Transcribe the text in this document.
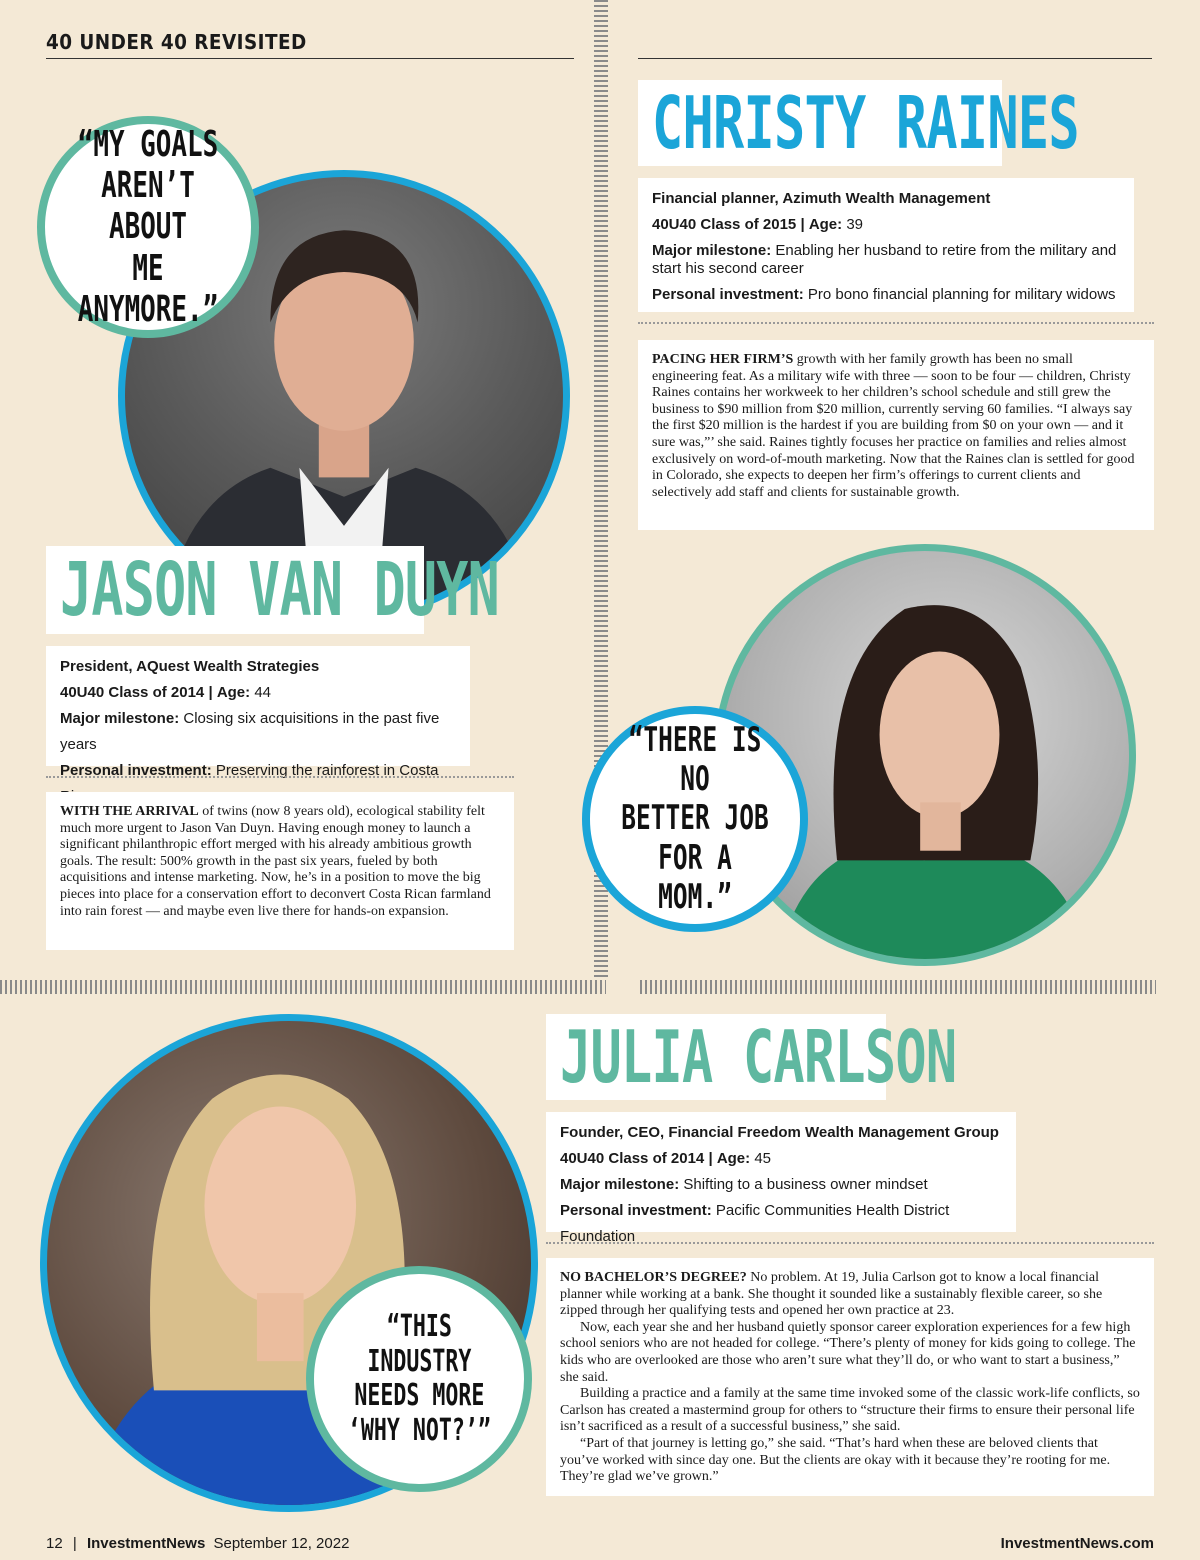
40 UNDER 40 REVISITED
“MY GOALS
AREN’T ABOUT
ME ANYMORE.”
JASON VAN DUYN
President, AQuest Wealth Strategies
40U40 Class of 2014 | Age: 44
Major milestone: Closing six acquisitions in the past five years
Personal investment: Preserving the rainforest in Costa

WITH THE ARRIVAL of twins (now 8 years old), ecological stability felt much more urgent to Jason Van Duyn. Having enough money to launch a significant philanthropic effort merged with his already ambitious growth goals. The result: 500% growth in the past six years, fueled by both acquisitions and intense marketing. Now, he’s in a position to move the big pieces into place for a conservation effort to deconvert Costa Rican farmland into rain forest — and maybe even live there for hands-on expansion.

CHRISTY RAINES
Financial planner, Azimuth Wealth Management
40U40 Class of 2015 | Age: 39
Major milestone: Enabling her husband to retire from the military and start his second career
Personal investment: Pro bono financial planning for military widows

PACING HER FIRM’S growth with her family growth has been no small engineering feat. As a military wife with three — soon to be four — children, Christy Raines contains her workweek to her children’s school schedule and still grew the business to $90 million from $20 million, currently serving 60 families. “I always say the first $20 million is the hardest if you are building from $0 on your own — and it sure was,”’ she said. Raines tightly focuses her practice on families and relies almost exclusively on word-of-mouth marketing. Now that the Raines clan is settled for good in Colorado, she expects to deepen her firm’s offerings to current clients and selectively add staff and clients for sustainable growth.

“THERE IS NO
BETTER JOB
FOR A MOM.”
“THIS
INDUSTRY
NEEDS MORE
‘WHY NOT?’”
JULIA CARLSON
Founder, CEO, Financial Freedom Wealth Management Group
40U40 Class of 2014 | Age: 45
Major milestone: Shifting to a business owner mindset
Personal investment: Pacific Communities Health District Foundation

NO BACHELOR’S DEGREE? No problem. At 19, Julia Carlson got to know a local financial planner while working at a bank. She thought it sounded like a sustainably flexible career, so she zipped through her qualifying tests and opened her own practice at 23.

Now, each year she and her husband quietly sponsor career exploration experiences for a few high school seniors who are not headed for college. “There’s plenty of money for kids going to college. The kids who are overlooked are those who aren’t sure what they’ll do, or who want to start a business,” she said.

Building a practice and a family at the same time invoked some of the classic work-life conflicts, so Carlson has created a mastermind group for others to “structure their firms to ensure their personal life isn’t sacrificed as a result of a successful business,” she said.

“Part of that journey is letting go,” she said. “That’s hard when these are beloved clients that you’ve worked with since day one. But the clients are okay with it because they’re rooting for me. They’re glad we’ve grown.”

12 | InvestmentNews September 12, 2022	InvestmentNews.com
